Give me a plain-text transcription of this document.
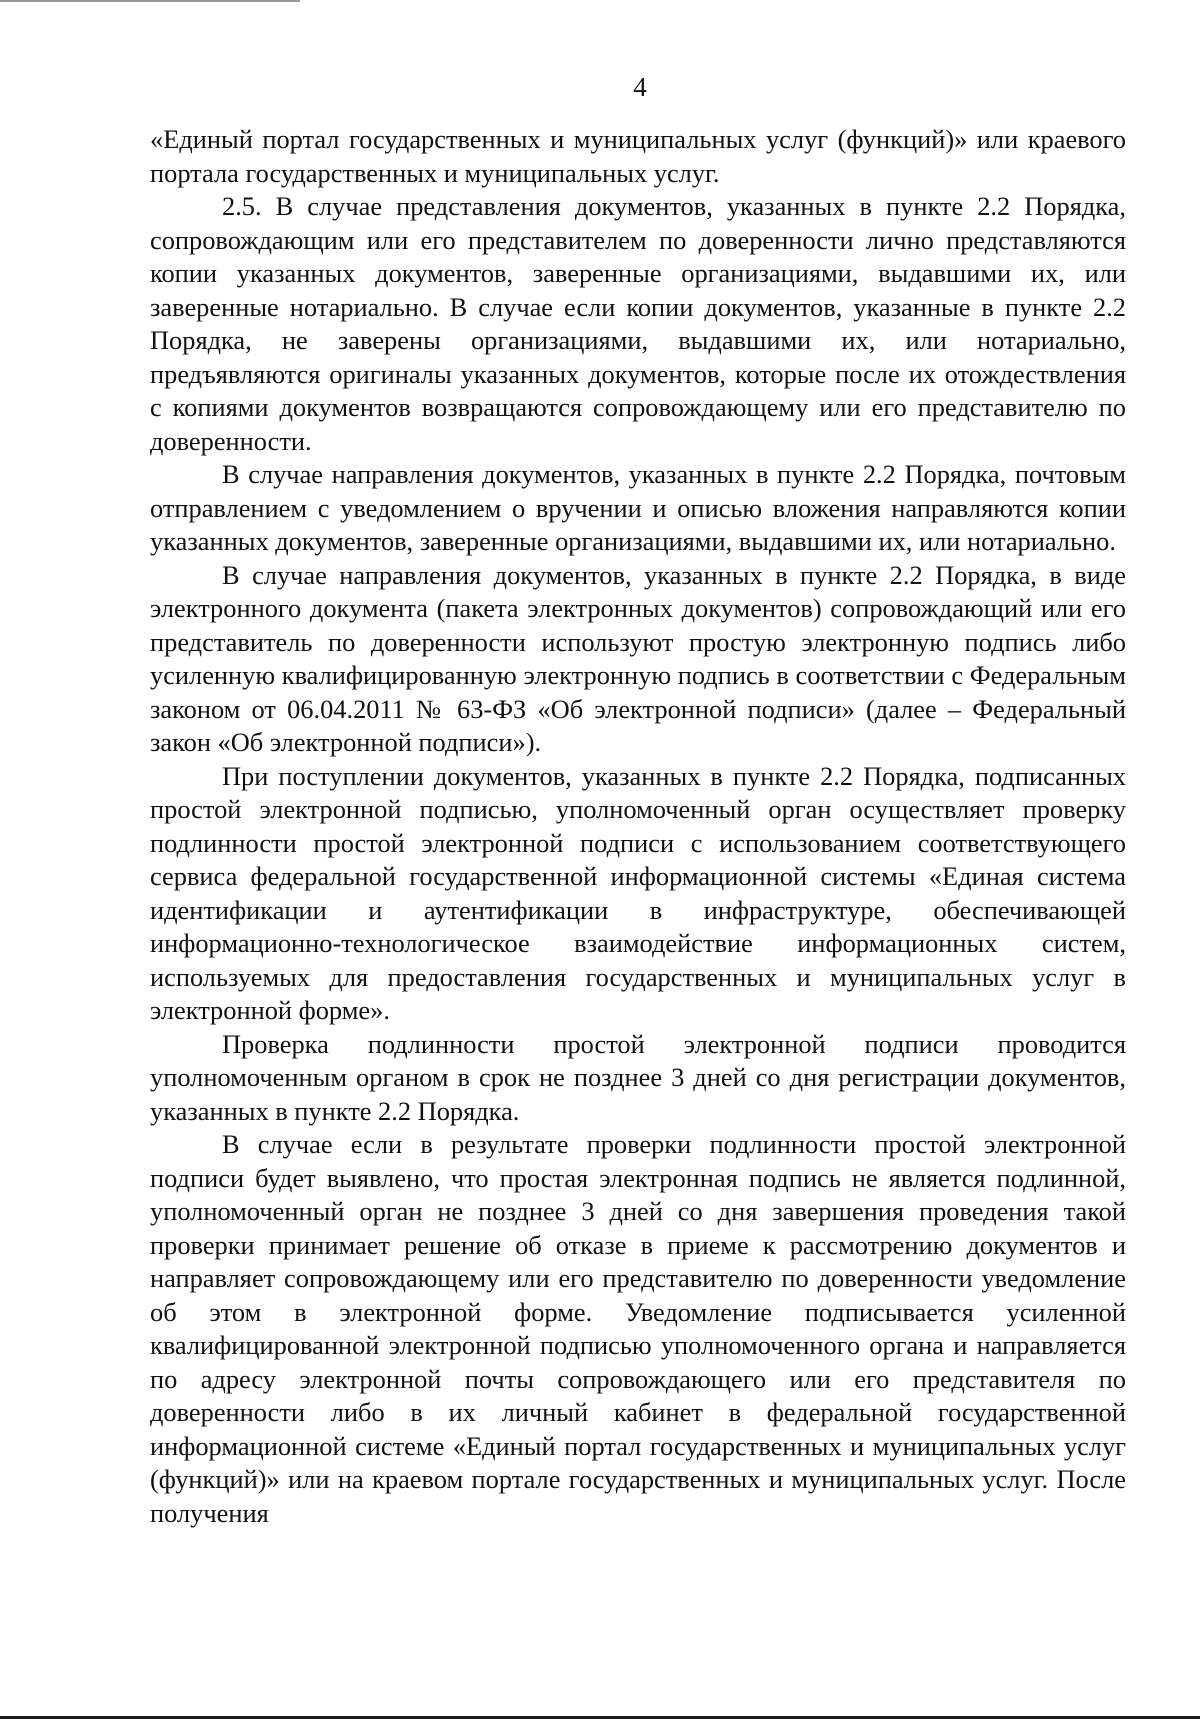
4

«Единый портал государственных и муниципальных услуг (функций)» или краевого портала государственных и муниципальных услуг.

2.5. В случае представления документов, указанных в пункте 2.2 Порядка, сопровождающим или его представителем по доверенности лично представляются копии указанных документов, заверенные организациями, выдавшими их, или заверенные нотариально. В случае если копии документов, указанные в пункте 2.2 Порядка, не заверены организациями, выдавшими их, или нотариально, предъявляются оригиналы указанных документов, которые после их отождествления с копиями документов возвращаются сопровождающему или его представителю по доверенности.

В случае направления документов, указанных в пункте 2.2 Порядка, почтовым отправлением с уведомлением о вручении и описью вложения направляются копии указанных документов, заверенные организациями, выдавшими их, или нотариально.

В случае направления документов, указанных в пункте 2.2 Порядка, в виде электронного документа (пакета электронных документов) сопровождающий или его представитель по доверенности используют простую электронную подпись либо усиленную квалифицированную электронную подпись в соответствии с Федеральным законом от 06.04.2011 № 63-ФЗ «Об электронной подписи» (далее – Федеральный закон «Об электронной подписи»).

При поступлении документов, указанных в пункте 2.2 Порядка, подписанных простой электронной подписью, уполномоченный орган осуществляет проверку подлинности простой электронной подписи с использованием соответствующего сервиса федеральной государственной информационной системы «Единая система идентификации и аутентификации в инфраструктуре, обеспечивающей информационно-технологическое взаимодействие информационных систем, используемых для предоставления государственных и муниципальных услуг в электронной форме».

Проверка подлинности простой электронной подписи проводится уполномоченным органом в срок не позднее 3 дней со дня регистрации документов, указанных в пункте 2.2 Порядка.

В случае если в результате проверки подлинности простой электронной подписи будет выявлено, что простая электронная подпись не является подлинной, уполномоченный орган не позднее 3 дней со дня завершения проведения такой проверки принимает решение об отказе в приеме к рассмотрению документов и направляет сопровождающему или его представителю по доверенности уведомление об этом в электронной форме. Уведомление подписывается усиленной квалифицированной электронной подписью уполномоченного органа и направляется по адресу электронной почты сопровождающего или его представителя по доверенности либо в их личный кабинет в федеральной государственной информационной системе «Единый портал государственных и муниципальных услуг (функций)» или на краевом портале государственных и муниципальных услуг. После получения
